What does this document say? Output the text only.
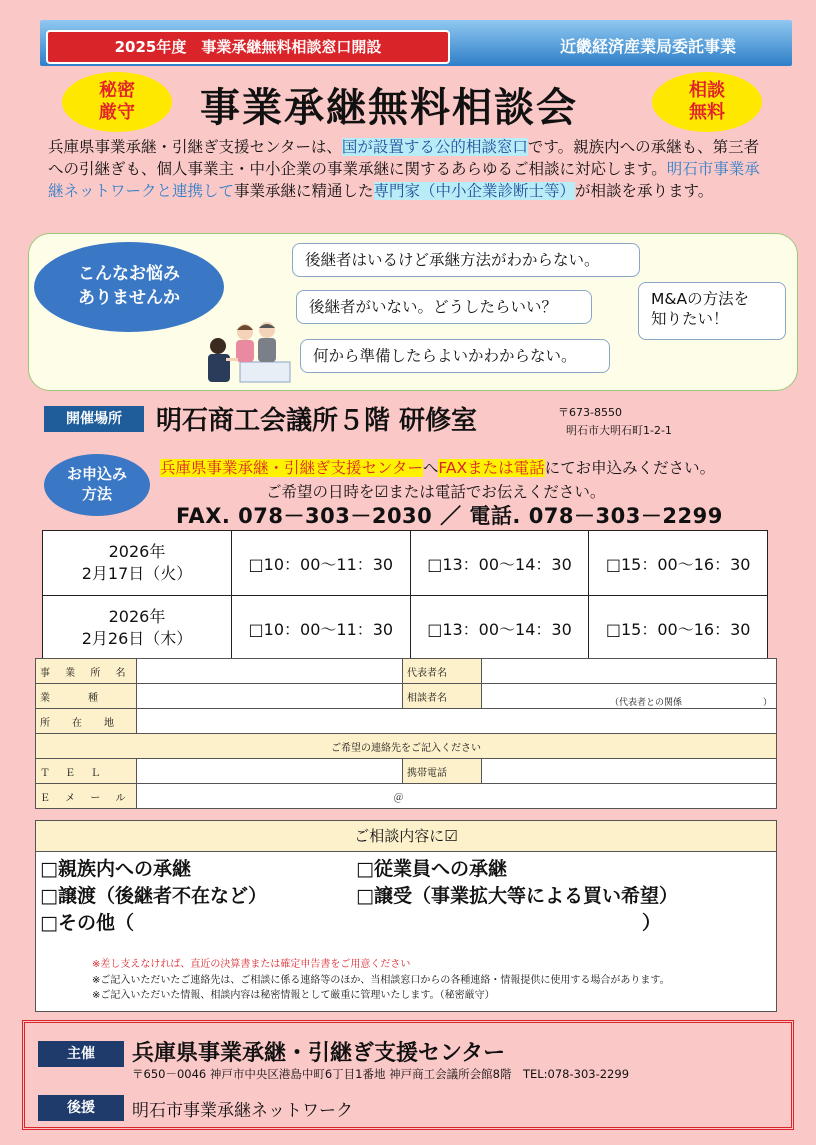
2025年度　事業承継無料相談窓口開設	近畿経済産業局委託事業
秘密
厳守	事業承継無料相談会	相談
無料
兵庫県事業承継・引継ぎ支援センターは、国が設置する公的相談窓口です。親族内への承継も、第三者への引継ぎも、個人事業主・中小企業の事業承継に関するあらゆるご相談に対応します。明石市事業承継ネットワークと連携して事業承継に精通した専門家（中小企業診断士等）が相談を承ります。
こんなお悩み
ありませんか
後継者はいるけど承継方法がわからない。
後継者がいない。どうしたらいい？
何から準備したらよいかわからない。
M&Aの方法を
知りたい！
開催場所	明石商工会議所５階 研修室	〒673-8550
明石市大明石町1-2-1
お申込み
方法
兵庫県事業承継・引継ぎ支援センターへFAXまたは電話にてお申込みください。
ご希望の日時を☑または電話でお伝えください。
FAX. 078－303－2030 ／ 電話. 078－303－2299
2026年
2月17日（火）	□10：00～11：30	□13：00～14：30	□15：00～16：30

2026年
2月26日（木）	□10：00～11：30	□13：00～14：30	□15：00～16：30
事 業 所 名		代表者名	
業　　種		相談者名	（代表者との関係　　　　　　　　　）
所　在　地			
ご希望の連絡先をご記入ください			
Ｔ Ｅ Ｌ		携帯電話	
Ｅ メ ー ル	＠		
ご相談内容に☑
□親族内への承継	□従業員への承継
□譲渡（後継者不在など）	□譲受（事業拡大等による買い希望）
□その他（	）
※差し支えなければ、直近の決算書または確定申告書をご用意ください
※ご記入いただいたご連絡先は、ご相談に係る連絡等のほか、当相談窓口からの各種連絡・情報提供に使用する場合があります。
※ご記入いただいた情報、相談内容は秘密情報として厳重に管理いたします。（秘密厳守）
主催	兵庫県事業承継・引継ぎ支援センター
〒650－0046 神戸市中央区港島中町6丁目1番地 神戸商工会議所会館8階　TEL:078-303-2299
後援	明石市事業承継ネットワーク
